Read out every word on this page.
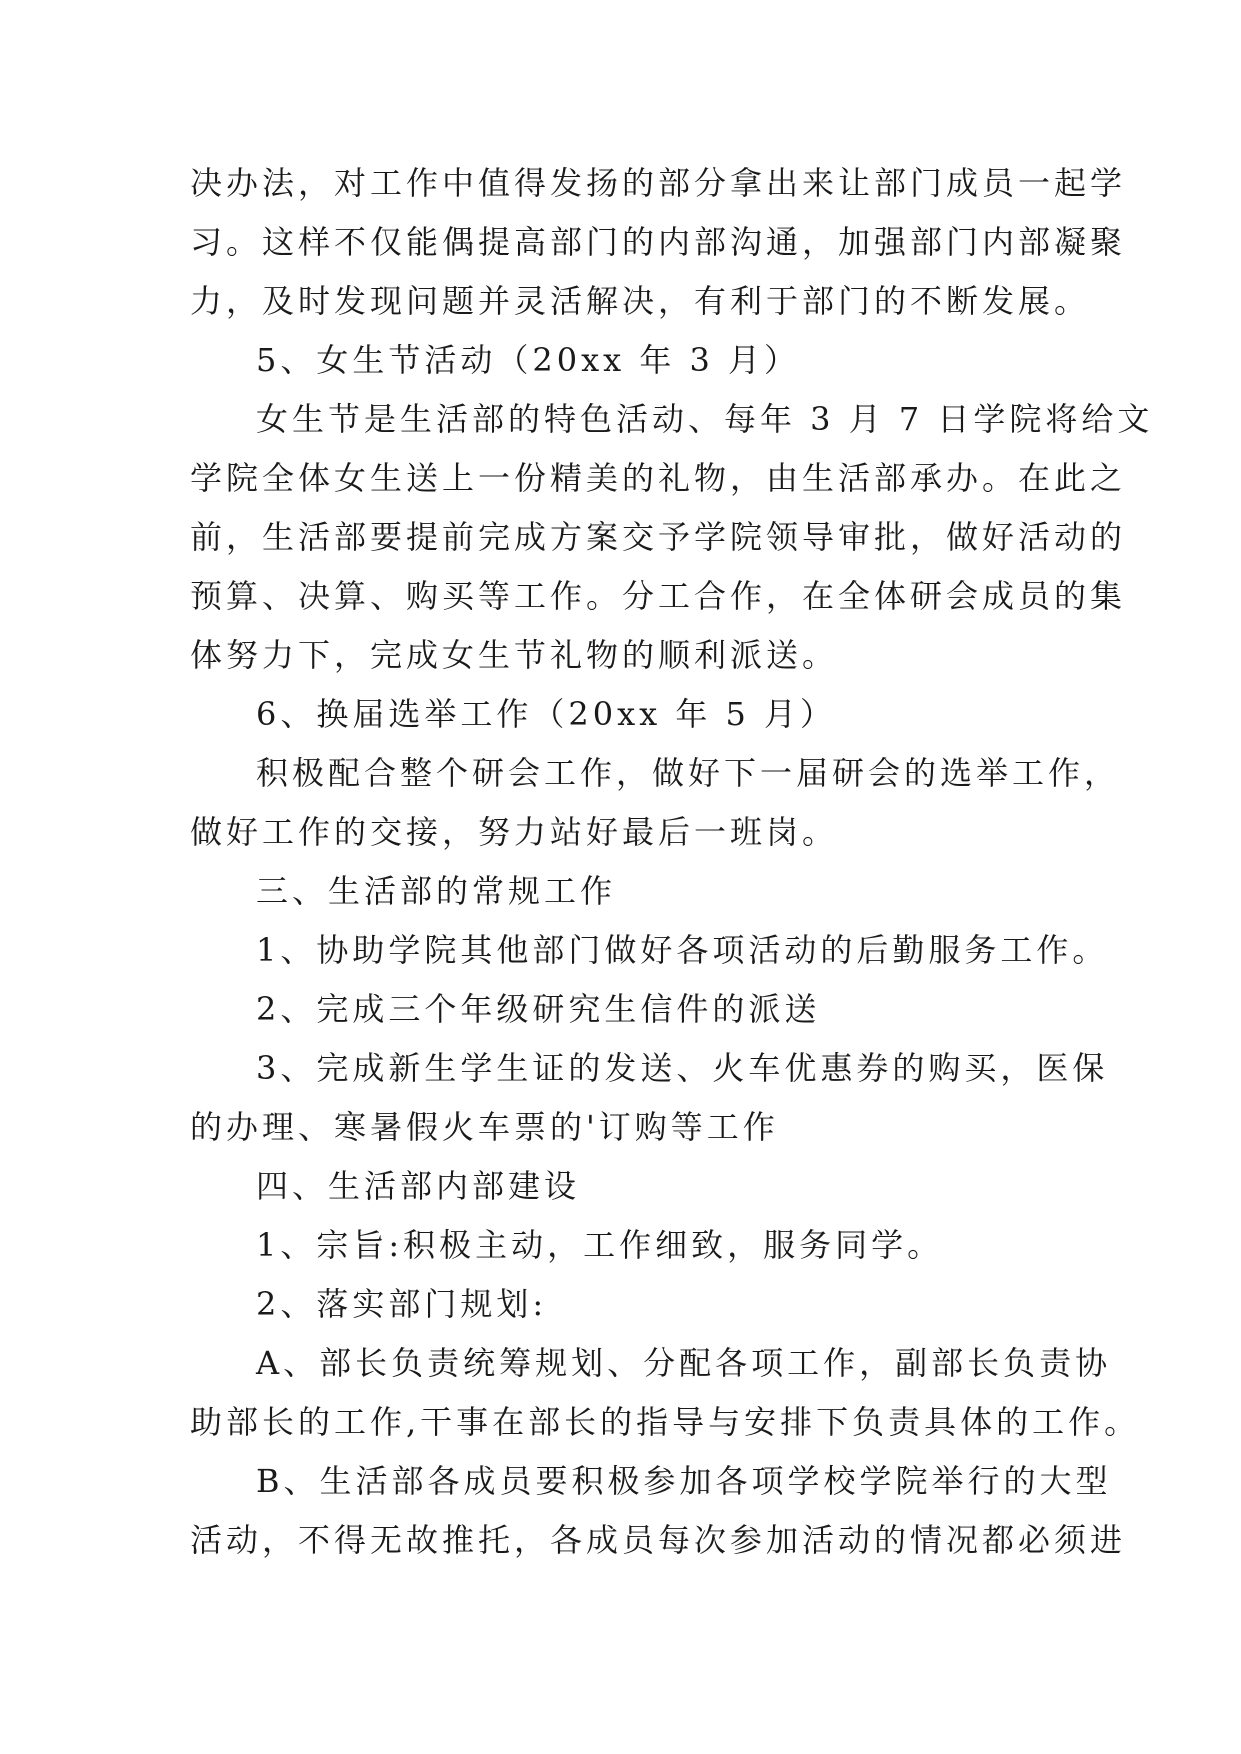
决办法，对工作中值得发扬的部分拿出来让部门成员一起学
习。这样不仅能偶提高部门的内部沟通，加强部门内部凝聚
力，及时发现问题并灵活解决，有利于部门的不断发展。
5、女生节活动（20xx 年 3 月）
女生节是生活部的特色活动、每年 3 月 7 日学院将给文
学院全体女生送上一份精美的礼物，由生活部承办。在此之
前，生活部要提前完成方案交予学院领导审批，做好活动的
预算、决算、购买等工作。分工合作，在全体研会成员的集
体努力下，完成女生节礼物的顺利派送。
6、换届选举工作（20xx 年 5 月）
积极配合整个研会工作，做好下一届研会的选举工作，
做好工作的交接，努力站好最后一班岗。
三、生活部的常规工作
1、协助学院其他部门做好各项活动的后勤服务工作。
2、完成三个年级研究生信件的派送
3、完成新生学生证的发送、火车优惠券的购买，医保
的办理、寒暑假火车票的'订购等工作
四、生活部内部建设
1、宗旨:积极主动，工作细致，服务同学。
2、落实部门规划:
A、部长负责统筹规划、分配各项工作，副部长负责协
助部长的工作,干事在部长的指导与安排下负责具体的工作。
B、生活部各成员要积极参加各项学校学院举行的大型
活动，不得无故推托，各成员每次参加活动的情况都必须进
